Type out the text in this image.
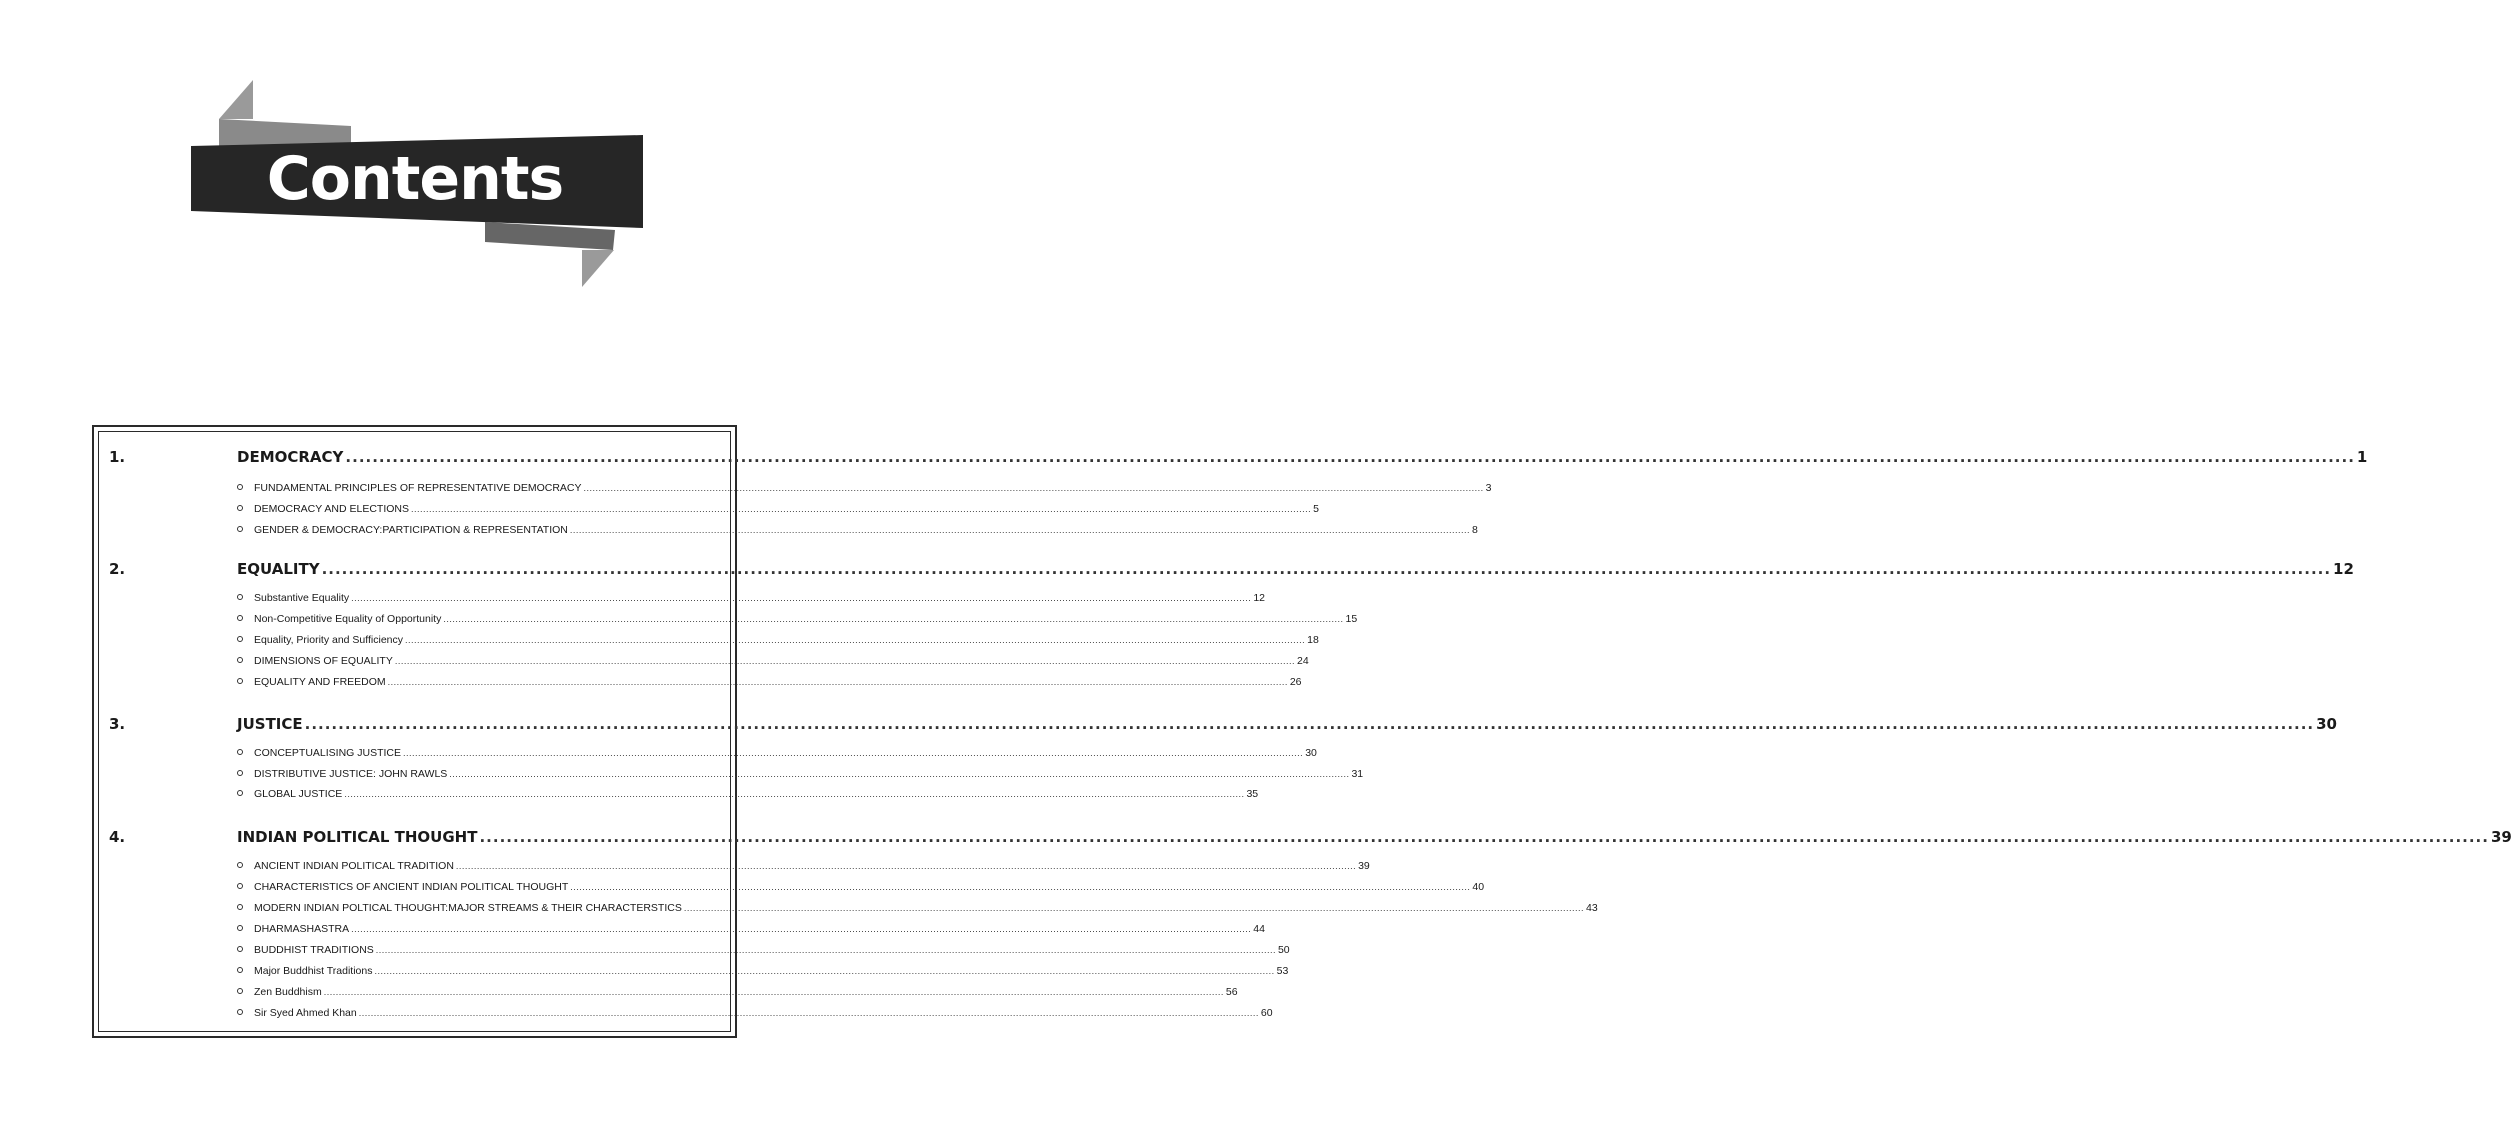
Contents
1.	DEMOCRACY ............................................................................................................................................................................................................................................................................................................ 1
FUNDAMENTAL PRINCIPLES OF REPRESENTATIVE DEMOCRACY ............................................................................................................................................................................................................................................................................................................ 3
DEMOCRACY AND ELECTIONS ............................................................................................................................................................................................................................................................................................................ 5
GENDER & DEMOCRACY:PARTICIPATION & REPRESENTATION ............................................................................................................................................................................................................................................................................................................ 8
2.	EQUALITY ............................................................................................................................................................................................................................................................................................................ 12
Substantive Equality ............................................................................................................................................................................................................................................................................................................ 12
Non-Competitive Equality of Opportunity ............................................................................................................................................................................................................................................................................................................ 15
Equality, Priority and Sufficiency ............................................................................................................................................................................................................................................................................................................ 18
DIMENSIONS OF EQUALITY ............................................................................................................................................................................................................................................................................................................ 24
EQUALITY AND FREEDOM ............................................................................................................................................................................................................................................................................................................ 26
3.	JUSTICE ............................................................................................................................................................................................................................................................................................................ 30
CONCEPTUALISING JUSTICE ............................................................................................................................................................................................................................................................................................................ 30
DISTRIBUTIVE JUSTICE: JOHN RAWLS ............................................................................................................................................................................................................................................................................................................ 31
GLOBAL JUSTICE ............................................................................................................................................................................................................................................................................................................ 35
4.	INDIAN POLITICAL THOUGHT ............................................................................................................................................................................................................................................................................................................ 39
ANCIENT INDIAN POLITICAL TRADITION ............................................................................................................................................................................................................................................................................................................ 39
CHARACTERISTICS OF ANCIENT INDIAN POLITICAL THOUGHT ............................................................................................................................................................................................................................................................................................................ 40
MODERN INDIAN POLTICAL THOUGHT:MAJOR STREAMS & THEIR CHARACTERSTICS ............................................................................................................................................................................................................................................................................................................ 43
DHARMASHASTRA ............................................................................................................................................................................................................................................................................................................ 44
BUDDHIST TRADITIONS ............................................................................................................................................................................................................................................................................................................ 50
Major Buddhist Traditions ............................................................................................................................................................................................................................................................................................................ 53
Zen Buddhism ............................................................................................................................................................................................................................................................................................................ 56
Sir Syed Ahmed Khan ............................................................................................................................................................................................................................................................................................................ 60
